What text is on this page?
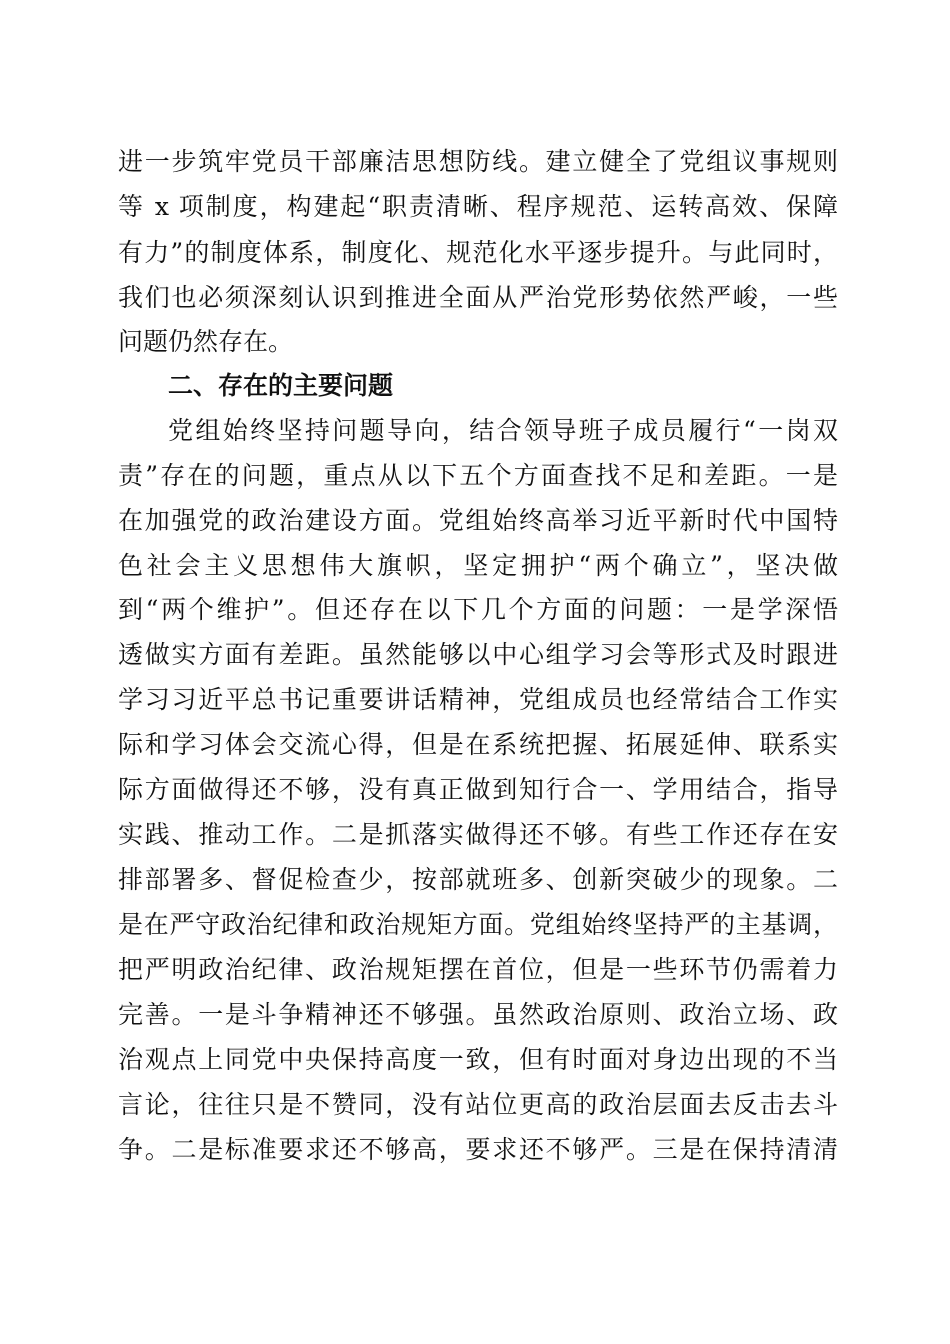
进一步筑牢党员干部廉洁思想防线。建立健全了党组议事规则
等 x 项制度，构建起“职责清晰、程序规范、运转高效、保障
有力”的制度体系，制度化、规范化水平逐步提升。与此同时，
我们也必须深刻认识到推进全面从严治党形势依然严峻，一些
问题仍然存在。
二、存在的主要问题
党组始终坚持问题导向，结合领导班子成员履行“一岗双
责”存在的问题，重点从以下五个方面查找不足和差距。一是
在加强党的政治建设方面。党组始终高举习近平新时代中国特
色社会主义思想伟大旗帜，坚定拥护“两个确立”，坚决做
到“两个维护”。但还存在以下几个方面的问题：一是学深悟
透做实方面有差距。虽然能够以中心组学习会等形式及时跟进
学习习近平总书记重要讲话精神，党组成员也经常结合工作实
际和学习体会交流心得，但是在系统把握、拓展延伸、联系实
际方面做得还不够，没有真正做到知行合一、学用结合，指导
实践、推动工作。二是抓落实做得还不够。有些工作还存在安
排部署多、督促检查少，按部就班多、创新突破少的现象。二
是在严守政治纪律和政治规矩方面。党组始终坚持严的主基调，
把严明政治纪律、政治规矩摆在首位，但是一些环节仍需着力
完善。一是斗争精神还不够强。虽然政治原则、政治立场、政
治观点上同党中央保持高度一致，但有时面对身边出现的不当
言论，往往只是不赞同，没有站位更高的政治层面去反击去斗
争。二是标准要求还不够高，要求还不够严。三是在保持清清
